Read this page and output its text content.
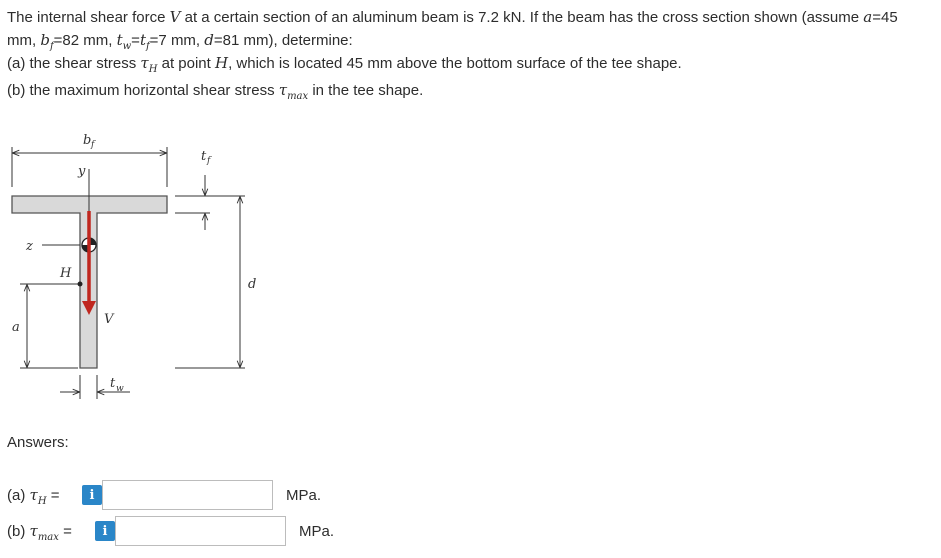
The internal shear force V at a certain section of an aluminum beam is 7.2 kN. If the beam has the cross section shown (assume a=45

mm, $b_f=82$ mm, $t_w=t_f=7$ mm, d=81 mm), determine:

(a) the shear stress $\tau_H$ at point H, which is located 45 mm above the bottom surface of the tee shape.

(b) the maximum horizontal shear stress $\tau_{max}$ in the tee shape.

b f
y
z
V
H
a
t f
d
t w
Answers:
(a) $\tau_H$ =	i	MPa.
(b) $\tau_{max}$ =	i	MPa.
